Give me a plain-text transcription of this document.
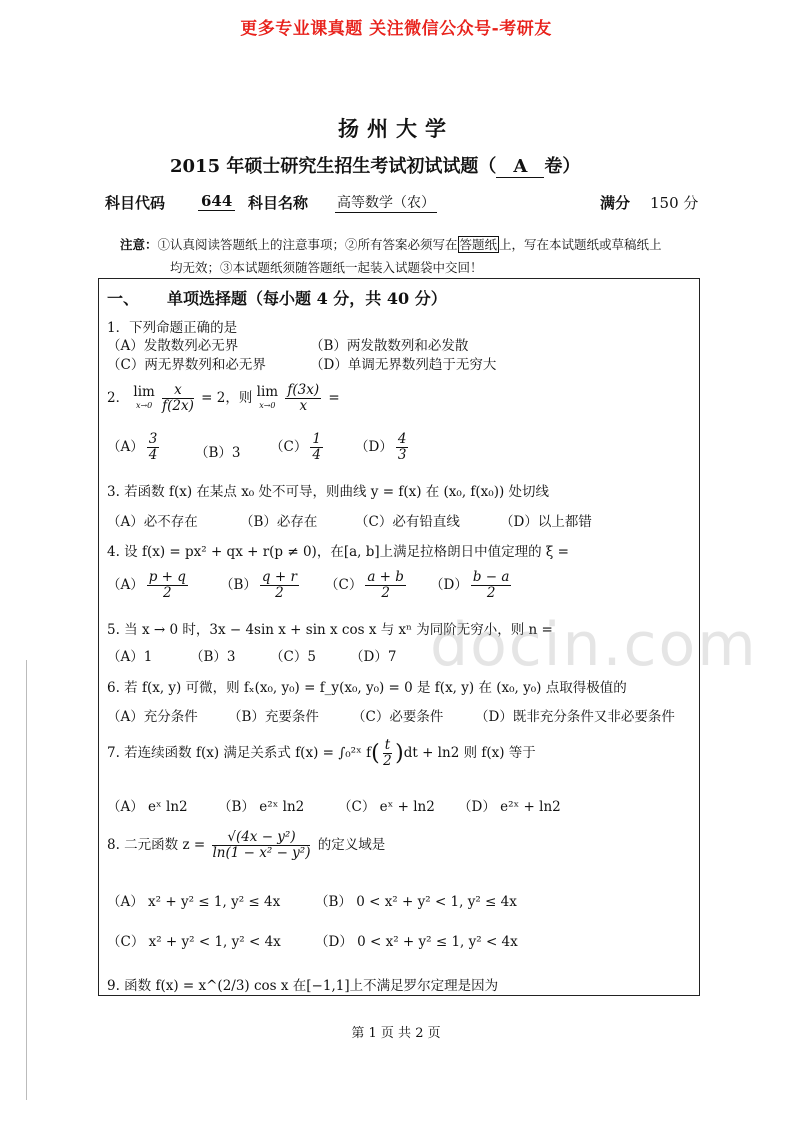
更多专业课真题 关注微信公众号-考研友
扬州大学
2015 年硕士研究生招生考试初试试题（ A 卷）
科目代码 644 科目名称 高等数学（农）	满分 150 分
注意：①认真阅读答题纸上的注意事项；②所有答案必须写在 答题纸 上，写在本试题纸或草稿纸上
均无效；③本试题纸须随答题纸一起装入试题袋中交回！
一、 单项选择题（每小题 4 分，共 40 分）
1．下列命题正确的是
（A）发散数列必无界	（B）两发散数列和必发散
（C）两无界数列和必无界	（D）单调无界数列趋于无穷大
2． lim
x→0
$\frac{x}{f(2x)} = 2$，则 lim
x→0
$\frac{f(3x)}{x}$ =
$(A) \frac{3}{4}$	（B）3 $(C) \frac{1}{4} (D) \frac{4}{3}$
3. 若函数 f(x) 在某点 x₀ 处不可导，则曲线 y = f(x) 在 (x₀, f(x₀)) 处切线
（A）必不存在	（B）必存在	（C）必有铅直线	（D）以上都错
4. 设 f(x) = px² + qx + r(p ≠ 0)，在[a, b]上满足拉格朗日中值定理的 ξ =
$(A) \frac{p + q}{2} (B) \frac{q + r}{2} (C) \frac{a + b}{2} (D) \frac{b - a}{2}$
5. 当 x → 0 时，3x − 4sin x + sin x cos x 与 xⁿ 为同阶无穷小，则 n =
（A）1	（B）3	（C）5	（D）7 docin.com
6. 若 f(x, y) 可微，则 fₓ(x₀, y₀) = f_y(x₀, y₀) = 0 是 f(x, y) 在 (x₀, y₀) 点取得极值的
（A）充分条件 （B）充要条件 （C）必要条件 （D）既非充分条件又非必要条件
7. 若连续函数 f(x) 满足关系式 f(x) = ∫₀²ˣ $f( \frac{t}{2} )dt + \ln 2$ 则 f(x) 等于
（A） eˣ ln2 （B） e²ˣ ln2	（C） eˣ + ln2 （D） e²ˣ + ln2
8. 二元函数 $z = \frac{\text{√(4x − y²)}}{\text{ln(1 − x² − y²)}}$ 的定义域是
（A） x² + y² ≤ 1, y² ≤ 4x	（B） 0 < x² + y² < 1, y² ≤ 4x
（C） x² + y² < 1, y² < 4x	（D） 0 < x² + y² ≤ 1, y² < 4x
9. 函数 f(x) = x^(2/3) cos x 在[−1,1]上不满足罗尔定理是因为
第 1 页 共 2 页
